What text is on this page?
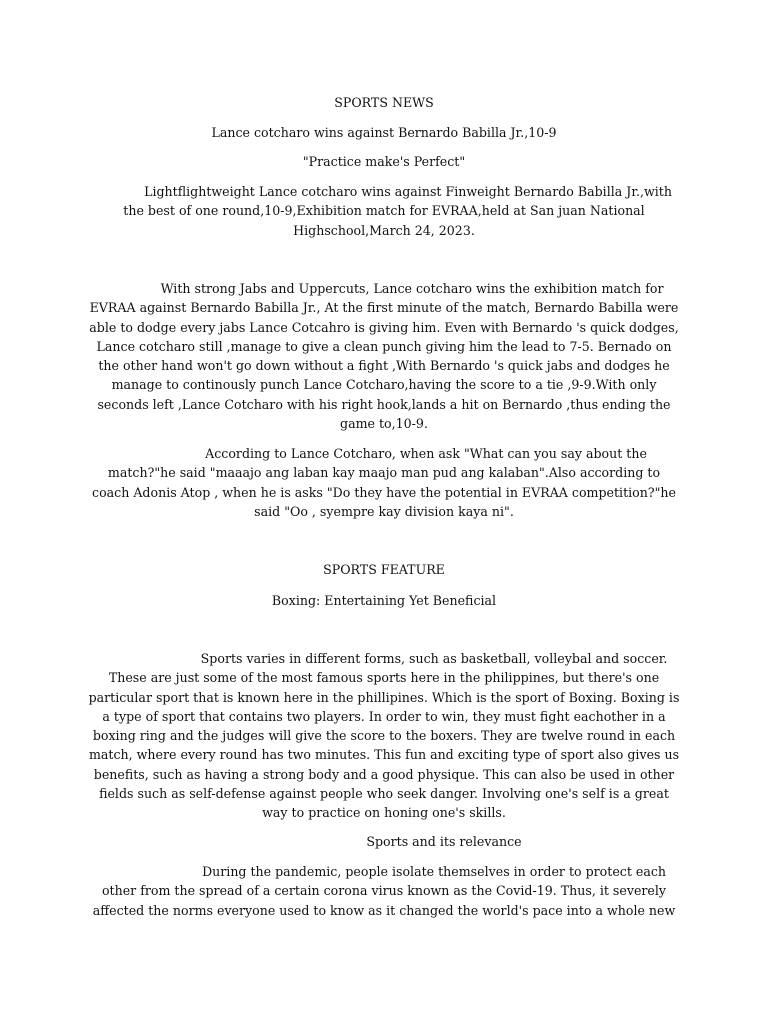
SPORTS NEWS

Lance cotcharo wins against Bernardo Babilla Jr.,10-9

"Practice make's Perfect"

Lightflightweight Lance cotcharo wins against Finweight Bernardo Babilla Jr.,with the best of one round,10-9,Exhibition match for EVRAA,held at San juan National Highschool,March 24, 2023.

With strong Jabs and Uppercuts, Lance cotcharo wins the exhibition match for EVRAA against Bernardo Babilla Jr., At the first minute of the match, Bernardo Babilla were able to dodge every jabs Lance Cotcahro is giving him. Even with Bernardo 's quick dodges, Lance cotcharo still ,manage to give a clean punch giving him the lead to 7-5. Bernado on the other hand won't go down without a fight ,With Bernardo 's quick jabs and dodges he manage to continously punch Lance Cotcharo,having the score to a tie ,9-9.With only seconds left ,Lance Cotcharo with his right hook,lands a hit on Bernardo ,thus ending the game to,10-9.

According to Lance Cotcharo, when ask "What can you say about the match?"he said "maaajo ang laban kay maajo man pud ang kalaban".Also according to coach Adonis Atop , when he is asks "Do they have the potential in EVRAA competition?"he said "Oo , syempre kay division kaya ni".

SPORTS FEATURE

Boxing: Entertaining Yet Beneficial

Sports varies in different forms, such as basketball, volleybal and soccer. These are just some of the most famous sports here in the philippines, but there's one particular sport that is known here in the phillipines. Which is the sport of Boxing. Boxing is a type of sport that contains two players. In order to win, they must fight eachother in a boxing ring and the judges will give the score to the boxers. They are twelve round in each match, where every round has two minutes. This fun and exciting type of sport also gives us benefits, such as having a strong body and a good physique. This can also be used in other fields such as self-defense against people who seek danger. Involving one's self is a great way to practice on honing one's skills.

Sports and its relevance

During the pandemic, people isolate themselves in order to protect each other from the spread of a certain corona virus known as the Covid-19. Thus, it severely affected the norms everyone used to know as it changed the world's pace into a whole new
